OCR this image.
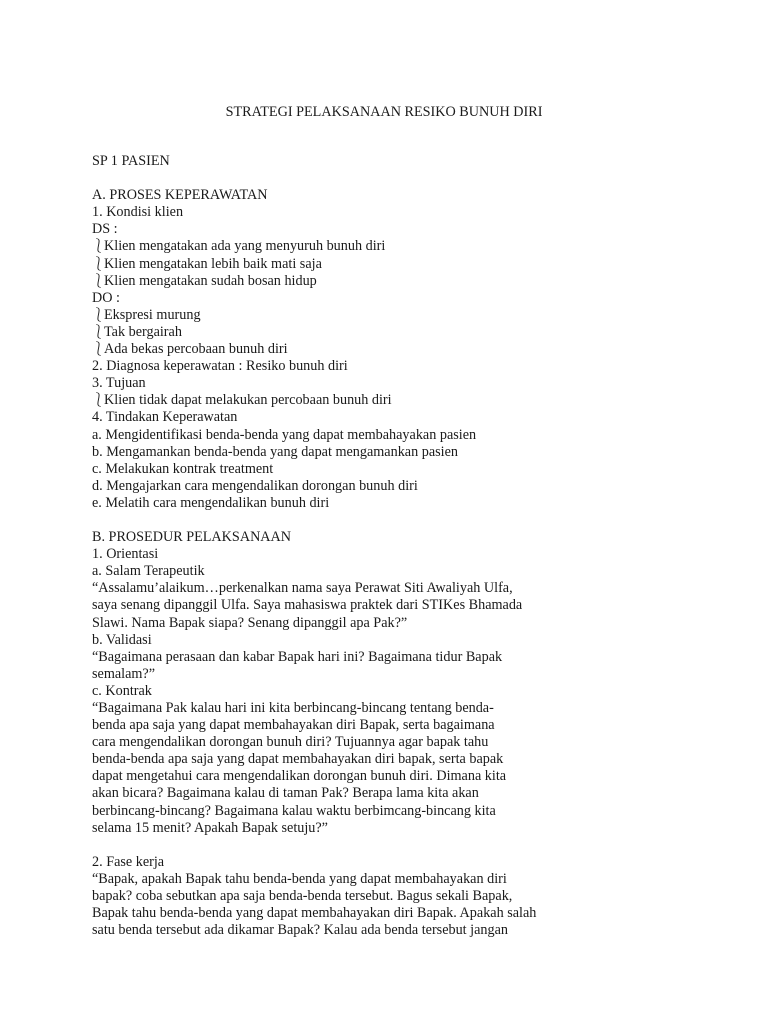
STRATEGI PELAKSANAAN RESIKO BUNUH DIRI
SP 1 PASIEN
A. PROSES KEPERAWATAN
1. Kondisi klien
DS :
⎱Klien mengatakan ada yang menyuruh bunuh diri
⎱Klien mengatakan lebih baik mati saja
⎱Klien mengatakan sudah bosan hidup
DO :
⎱Ekspresi murung
⎱Tak bergairah
⎱Ada bekas percobaan bunuh diri
2. Diagnosa keperawatan : Resiko bunuh diri
3. Tujuan
⎱Klien tidak dapat melakukan percobaan bunuh diri
4. Tindakan Keperawatan
a. Mengidentifikasi benda-benda yang dapat membahayakan pasien
b. Mengamankan benda-benda yang dapat mengamankan pasien
c. Melakukan kontrak treatment
d. Mengajarkan cara mengendalikan dorongan bunuh diri
e. Melatih cara mengendalikan bunuh diri
B. PROSEDUR PELAKSANAAN
1. Orientasi
a. Salam Terapeutik
“Assalamu’alaikum…perkenalkan nama saya Perawat Siti Awaliyah Ulfa,
saya senang dipanggil Ulfa. Saya mahasiswa praktek dari STIKes Bhamada
Slawi. Nama Bapak siapa? Senang dipanggil apa Pak?”
b. Validasi
“Bagaimana perasaan dan kabar Bapak hari ini? Bagaimana tidur Bapak
semalam?”
c. Kontrak
“Bagaimana Pak kalau hari ini kita berbincang-bincang tentang benda-
benda apa saja yang dapat membahayakan diri Bapak, serta bagaimana
cara mengendalikan dorongan bunuh diri? Tujuannya agar bapak tahu
benda-benda apa saja yang dapat membahayakan diri bapak, serta bapak
dapat mengetahui cara mengendalikan dorongan bunuh diri. Dimana kita
akan bicara? Bagaimana kalau di taman Pak? Berapa lama kita akan
berbincang-bincang? Bagaimana kalau waktu berbimcang-bincang kita
selama 15 menit? Apakah Bapak setuju?”
2. Fase kerja
“Bapak, apakah Bapak tahu benda-benda yang dapat membahayakan diri
bapak? coba sebutkan apa saja benda-benda tersebut. Bagus sekali Bapak,
Bapak tahu benda-benda yang dapat membahayakan diri Bapak. Apakah salah
satu benda tersebut ada dikamar Bapak? Kalau ada benda tersebut jangan
